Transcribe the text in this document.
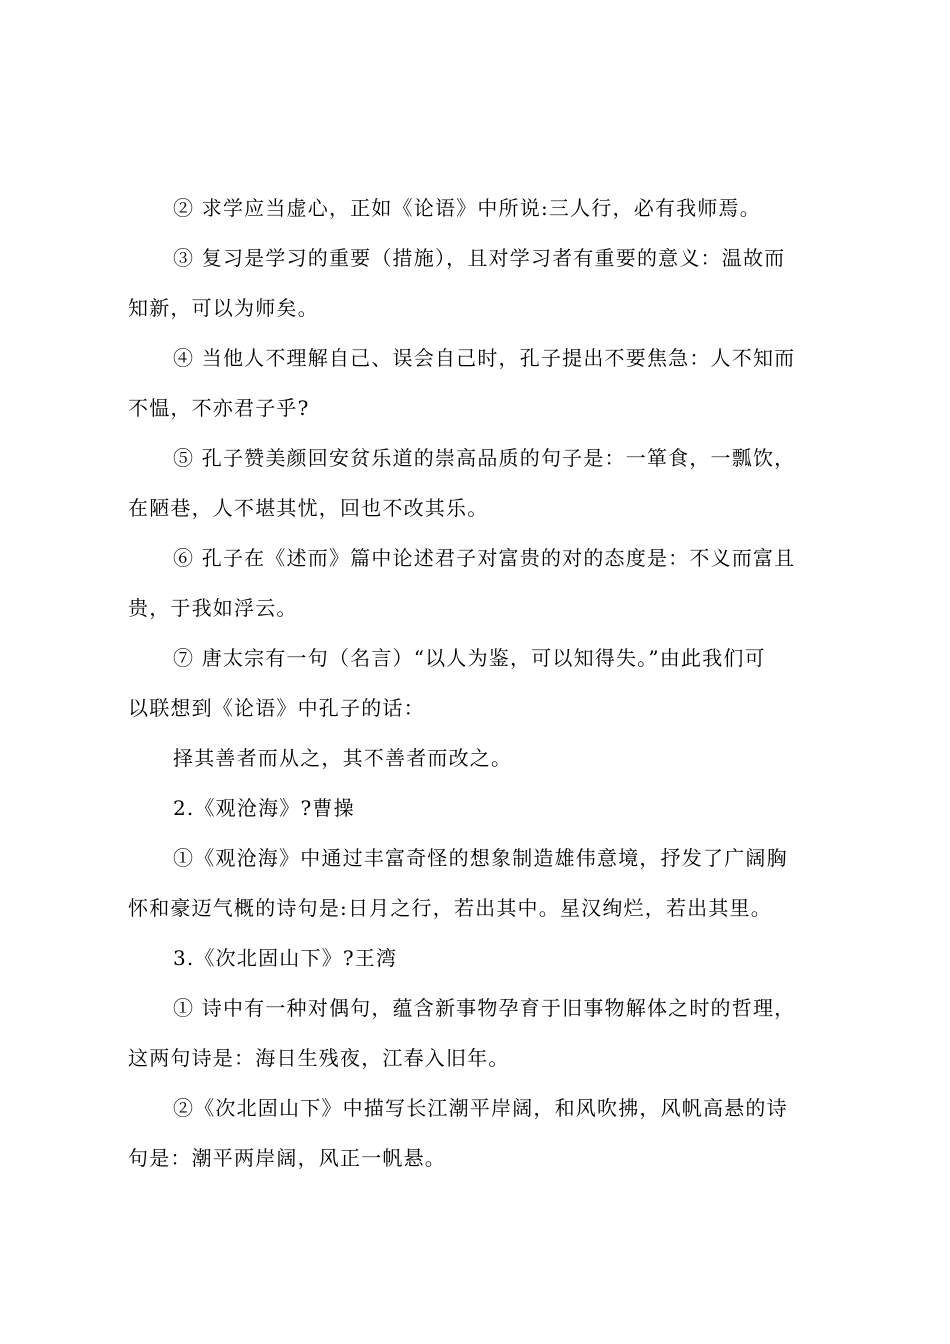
② 求学应当虚心，正如《论语》中所说:三人行，必有我师焉。
③ 复习是学习的重要（措施），且对学习者有重要的意义：温故而
知新，可以为师矣。
④ 当他人不理解自己、误会自己时，孔子提出不要焦急：人不知而
不愠，不亦君子乎?
⑤ 孔子赞美颜回安贫乐道的崇高品质的句子是：一箪食，一瓢饮，
在陋巷，人不堪其忧，回也不改其乐。
⑥ 孔子在《述而》篇中论述君子对富贵的对的态度是：不义而富且
贵，于我如浮云。
⑦ 唐太宗有一句（名言）“以人为鉴，可以知得失。”由此我们可
以联想到《论语》中孔子的话：
择其善者而从之，其不善者而改之。
2.《观沧海》?曹操
①《观沧海》中通过丰富奇怪的想象制造雄伟意境，抒发了广阔胸
怀和豪迈气概的诗句是:日月之行，若出其中。星汉绚烂，若出其里。
3.《次北固山下》?王湾
① 诗中有一种对偶句，蕴含新事物孕育于旧事物解体之时的哲理，
这两句诗是：海日生残夜，江春入旧年。
②《次北固山下》中描写长江潮平岸阔，和风吹拂，风帆高悬的诗
句是：潮平两岸阔，风正一帆悬。
